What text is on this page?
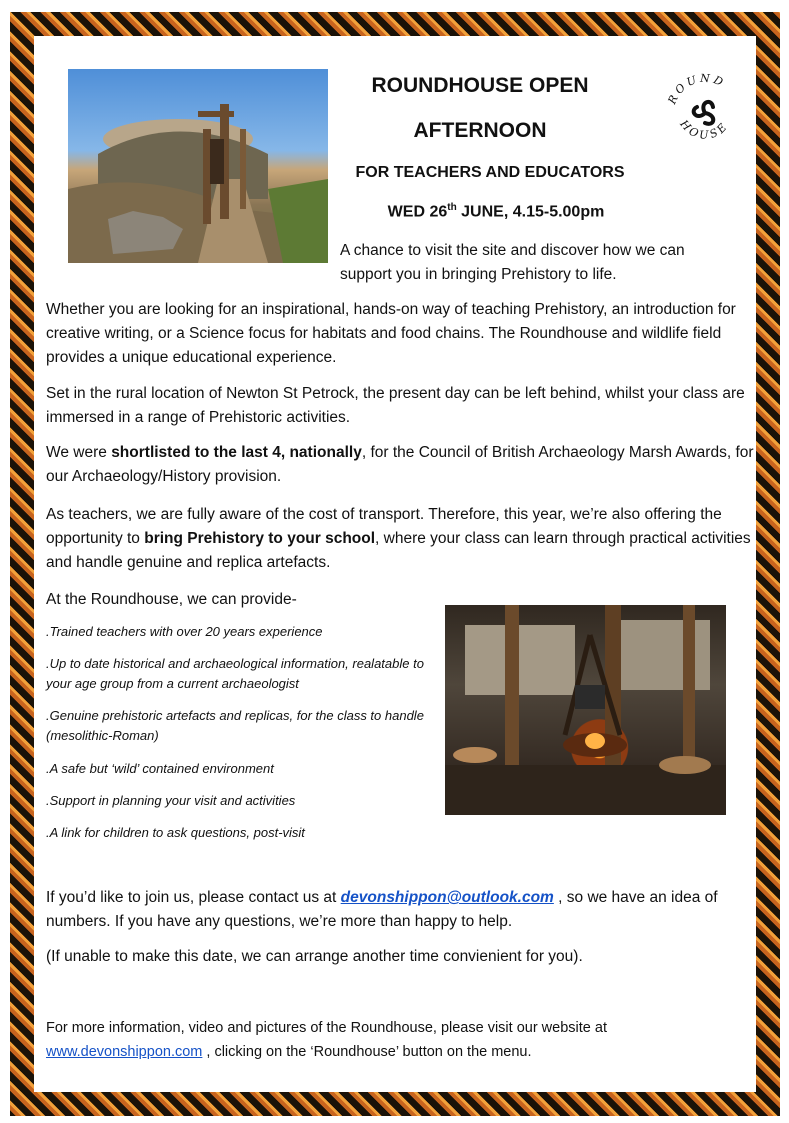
ROUND
HOUSE

ROUNDHOUSE OPEN

AFTERNOON

FOR TEACHERS AND EDUCATORS

WED 26th JUNE, 4.15-5.00pm

A chance to visit the site and discover how we can support you in bringing Prehistory to life.

Whether you are looking for an inspirational, hands-on way of teaching Prehistory, an introduction for creative writing, or a Science focus for habitats and food chains. The Roundhouse and wildlife field provides a unique educational experience.

Set in the rural location of Newton St Petrock, the present day can be left behind, whilst your class are immersed in a range of Prehistoric activities.

We were shortlisted to the last 4, nationally, for the Council of British Archaeology Marsh Awards, for our Archaeology/History provision.

As teachers, we are fully aware of the cost of transport. Therefore, this year, we’re also offering the opportunity to bring Prehistory to your school, where your class can learn through practical activities and handle genuine and replica artefacts.

At the Roundhouse, we can provide-

.Trained teachers with over 20 years experience

.Up to date historical and archaeological information, realatable to your age group from a current archaeologist

.Genuine prehistoric artefacts and replicas, for the class to handle (mesolithic-Roman)

.A safe but ‘wild’ contained environment

.Support in planning your visit and activities

.A link for children to ask questions, post-visit

If you’d like to join us, please contact us at devonshippon@outlook.com , so we have an idea of numbers. If you have any questions, we’re more than happy to help.

(If unable to make this date, we can arrange another time convienient for you).

For more information, video and pictures of the Roundhouse, please visit our website at
www.devonshippon.com , clicking on the ‘Roundhouse’ button on the menu.
